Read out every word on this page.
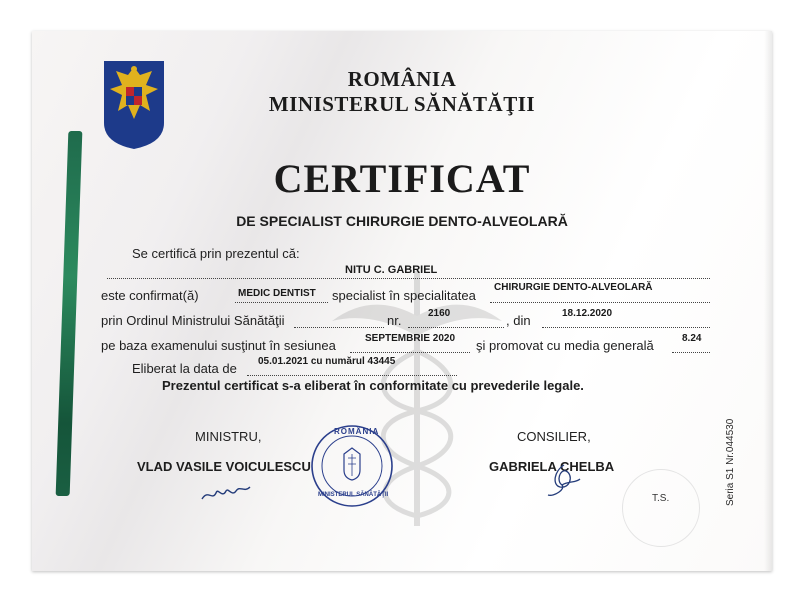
ROMÂNIA
MINISTERUL SĂNĂTĂŢII
CERTIFICAT
DE SPECIALIST CHIRURGIE DENTO-ALVEOLARĂ
Se certifică prin prezentul că:
NITU C. GABRIEL
este confirmat(ă)	MEDIC DENTIST specialist în specialitatea
CHIRURGIE DENTO-ALVEOLARĂ
prin Ordinul Ministrului Sănătăţii	nr.	2160	, din	18.12.2020
pe baza examenului susţinut în sesiunea	SEPTEMBRIE 2020 şi promovat cu media generală	8.24
Eliberat la data de 05.01.2021 cu numărul 43445
Prezentul certificat s-a eliberat în conformitate cu prevederile legale.
MINISTRU,
VLAD VASILE VOICULESCU
ROMÂNIA
MINISTERUL SĂNĂTĂŢII
CONSILIER,
GABRIELA CHELBA
T.S.	Seria S1 Nr.044530
